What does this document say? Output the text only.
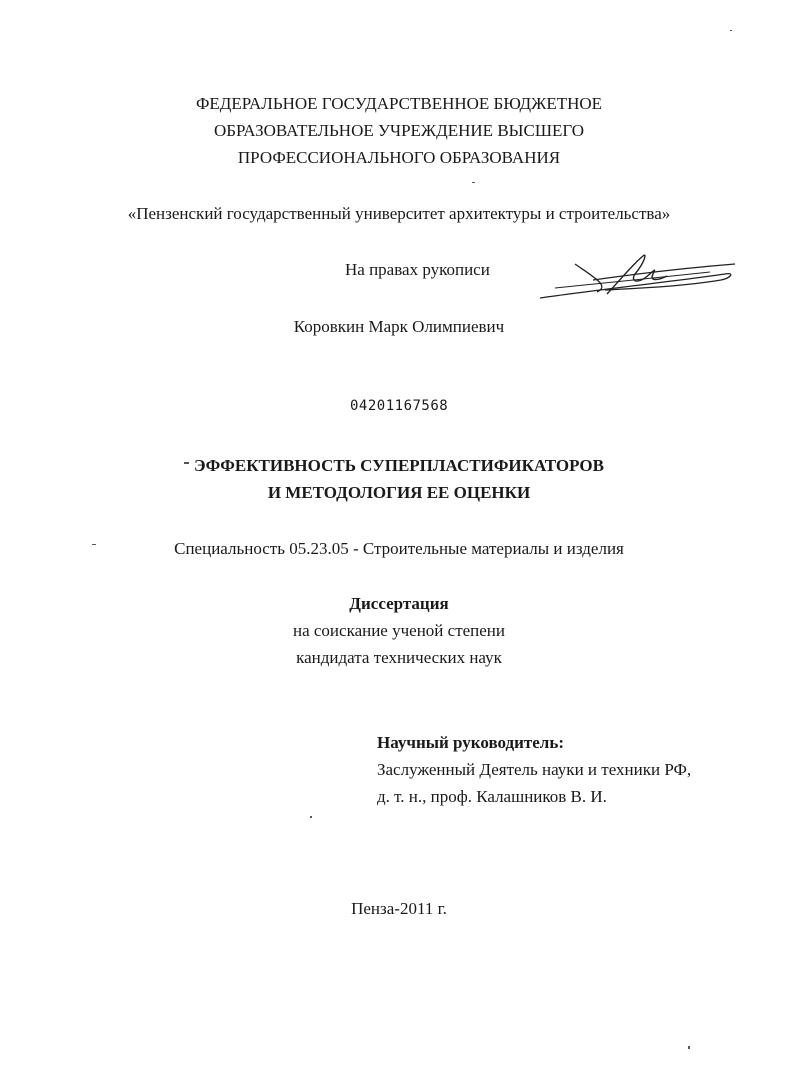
ФЕДЕРАЛЬНОЕ ГОСУДАРСТВЕННОЕ БЮДЖЕТНОЕ
ОБРАЗОВАТЕЛЬНОЕ УЧРЕЖДЕНИЕ ВЫСШЕГО
ПРОФЕССИОНАЛЬНОГО ОБРАЗОВАНИЯ
«Пензенский государственный университет архитектуры и строительства»
На правах рукописи
Коровкин Марк Олимпиевич
04201167568
ЭФФЕКТИВНОСТЬ СУПЕРПЛАСТИФИКАТОРОВ
И МЕТОДОЛОГИЯ ЕЕ ОЦЕНКИ
Специальность 05.23.05 - Строительные материалы и изделия
Диссертация
на соискание ученой степени
кандидата технических наук
Научный руководитель:
Заслуженный Деятель науки и техники РФ,
д. т. н., проф. Калашников В. И.
Пенза-2011 г.
